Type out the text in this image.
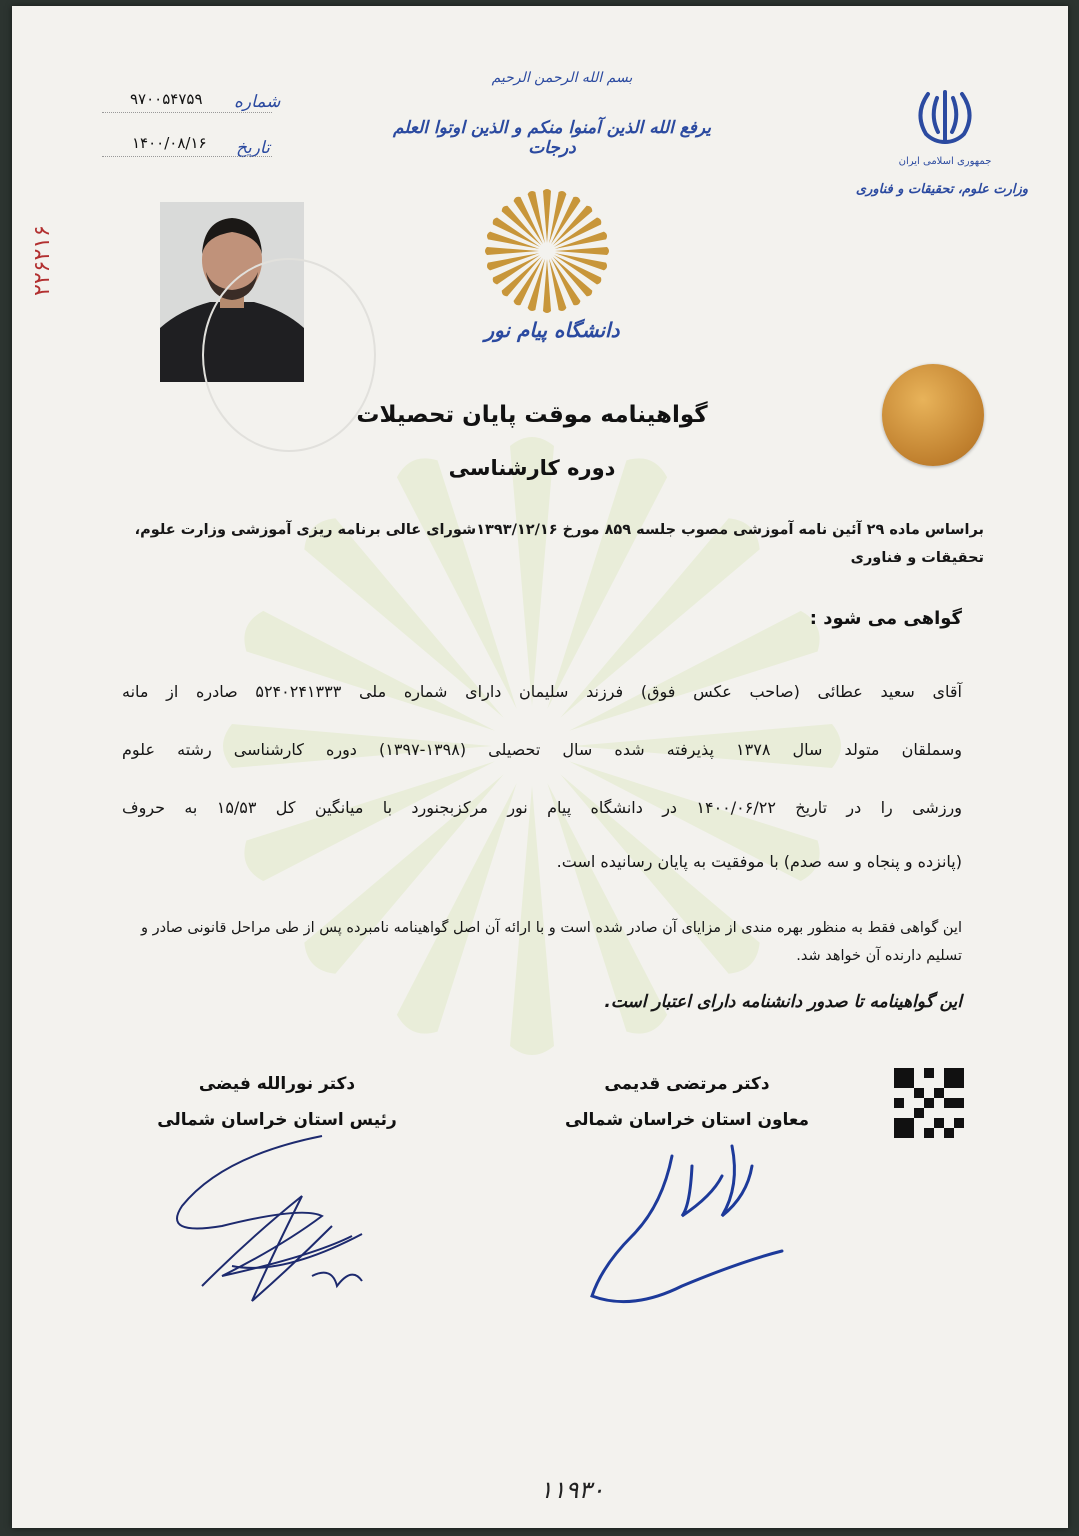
شماره
۹۷۰۰۵۴۷۵۹
تاریخ
۱۴۰۰/۰۸/۱۶
۲۲۶۲۱۶
بسم الله الرحمن الرحیم
یرفع الله الذین آمنوا منکم و الذین اوتوا العلم درجات
جمهوری اسلامی ایران
وزارت علوم، تحقیقات و فناوری
دانشگاه پیام نور
گواهینامه موقت پایان تحصیلات
دوره کارشناسی
براساس ماده ۲۹ آئین نامه آموزشی مصوب جلسه ۸۵۹ مورخ ۱۳۹۳/۱۲/۱۶شورای عالی برنامه ریزی آموزشی وزارت علوم، تحقیقات و فناوری
گواهی می شود :
آقای سعید عطائی (صاحب عکس فوق) فرزند سلیمان دارای شماره ملی ۵۲۴۰۲۴۱۳۳۳ صادره از مانه
وسملقان متولد سال ۱۳۷۸ پذیرفته شده سال تحصیلی (۱۳۹۸-۱۳۹۷) دوره کارشناسی رشته علوم
ورزشی را در تاریخ ۱۴۰۰/۰۶/۲۲ در دانشگاه پیام نور مرکزبجنورد با میانگین کل ۱۵/۵۳ به حروف
(پانزده و پنجاه و سه صدم) با موفقیت به پایان رسانیده است.
این گواهی فقط به منظور بهره مندی از مزایای آن صادر شده است و با ارائه آن اصل گواهینامه نامبرده پس از طی مراحل قانونی صادر و تسلیم دارنده آن خواهد شد.
این گواهینامه تا صدور دانشنامه دارای اعتبار است.
دکتر نورالله فیضی
رئیس استان خراسان شمالی
دکتر مرتضی قدیمی
معاون استان خراسان شمالی
۱۱۹۳۰
